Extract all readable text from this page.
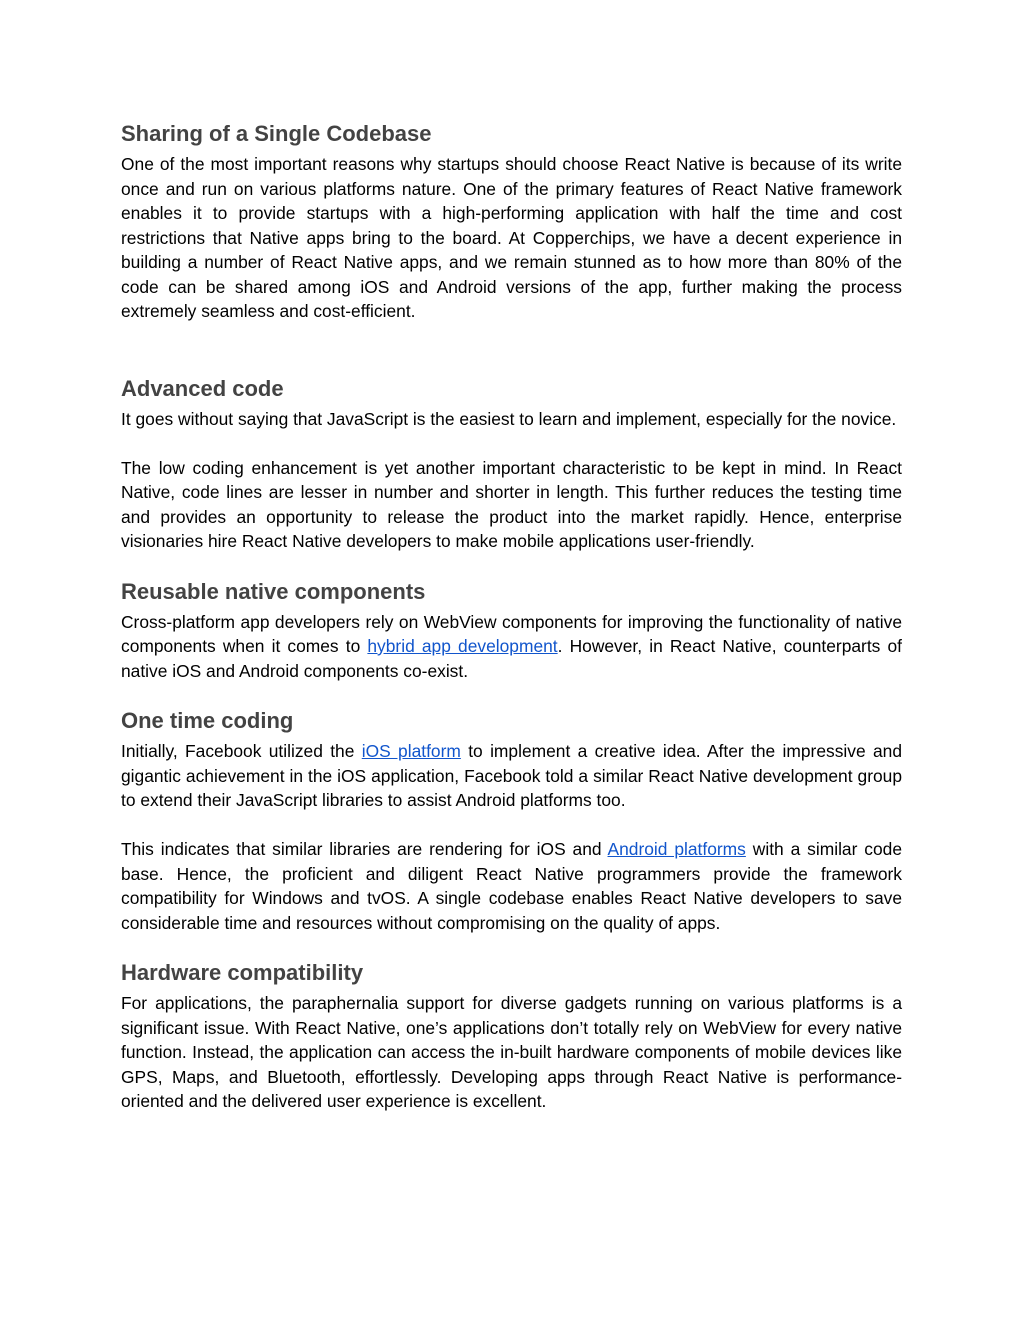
Sharing of a Single Codebase

One of the most important reasons why startups should choose React Native is because of its write once and run on various platforms nature. One of the primary features of React Native framework enables it to provide startups with a high-performing application with half the time and cost restrictions that Native apps bring to the board. At Copperchips, we have a decent experience in building a number of React Native apps, and we remain stunned as to how more than 80% of the code can be shared among iOS and Android versions of the app, further making the process extremely seamless and cost-efficient.

Advanced code

It goes without saying that JavaScript is the easiest to learn and implement, especially for the novice.

The low coding enhancement is yet another important characteristic to be kept in mind. In React Native, code lines are lesser in number and shorter in length. This further reduces the testing time and provides an opportunity to release the product into the market rapidly. Hence, enterprise visionaries hire React Native developers to make mobile applications user-friendly.

Reusable native components

Cross-platform app developers rely on WebView components for improving the functionality of native components when it comes to hybrid app development. However, in React Native, counterparts of native iOS and Android components co-exist.

One time coding

Initially, Facebook utilized the iOS platform to implement a creative idea. After the impressive and gigantic achievement in the iOS application, Facebook told a similar React Native development group to extend their JavaScript libraries to assist Android platforms too.

This indicates that similar libraries are rendering for iOS and Android platforms with a similar code base. Hence, the proficient and diligent React Native programmers provide the framework compatibility for Windows and tvOS. A single codebase enables React Native developers to save considerable time and resources without compromising on the quality of apps.

Hardware compatibility

For applications, the paraphernalia support for diverse gadgets running on various platforms is a significant issue. With React Native, one’s applications don’t totally rely on WebView for every native function. Instead, the application can access the in-built hardware components of mobile devices like GPS, Maps, and Bluetooth, effortlessly. Developing apps through React Native is performance-oriented and the delivered user experience is excellent.
